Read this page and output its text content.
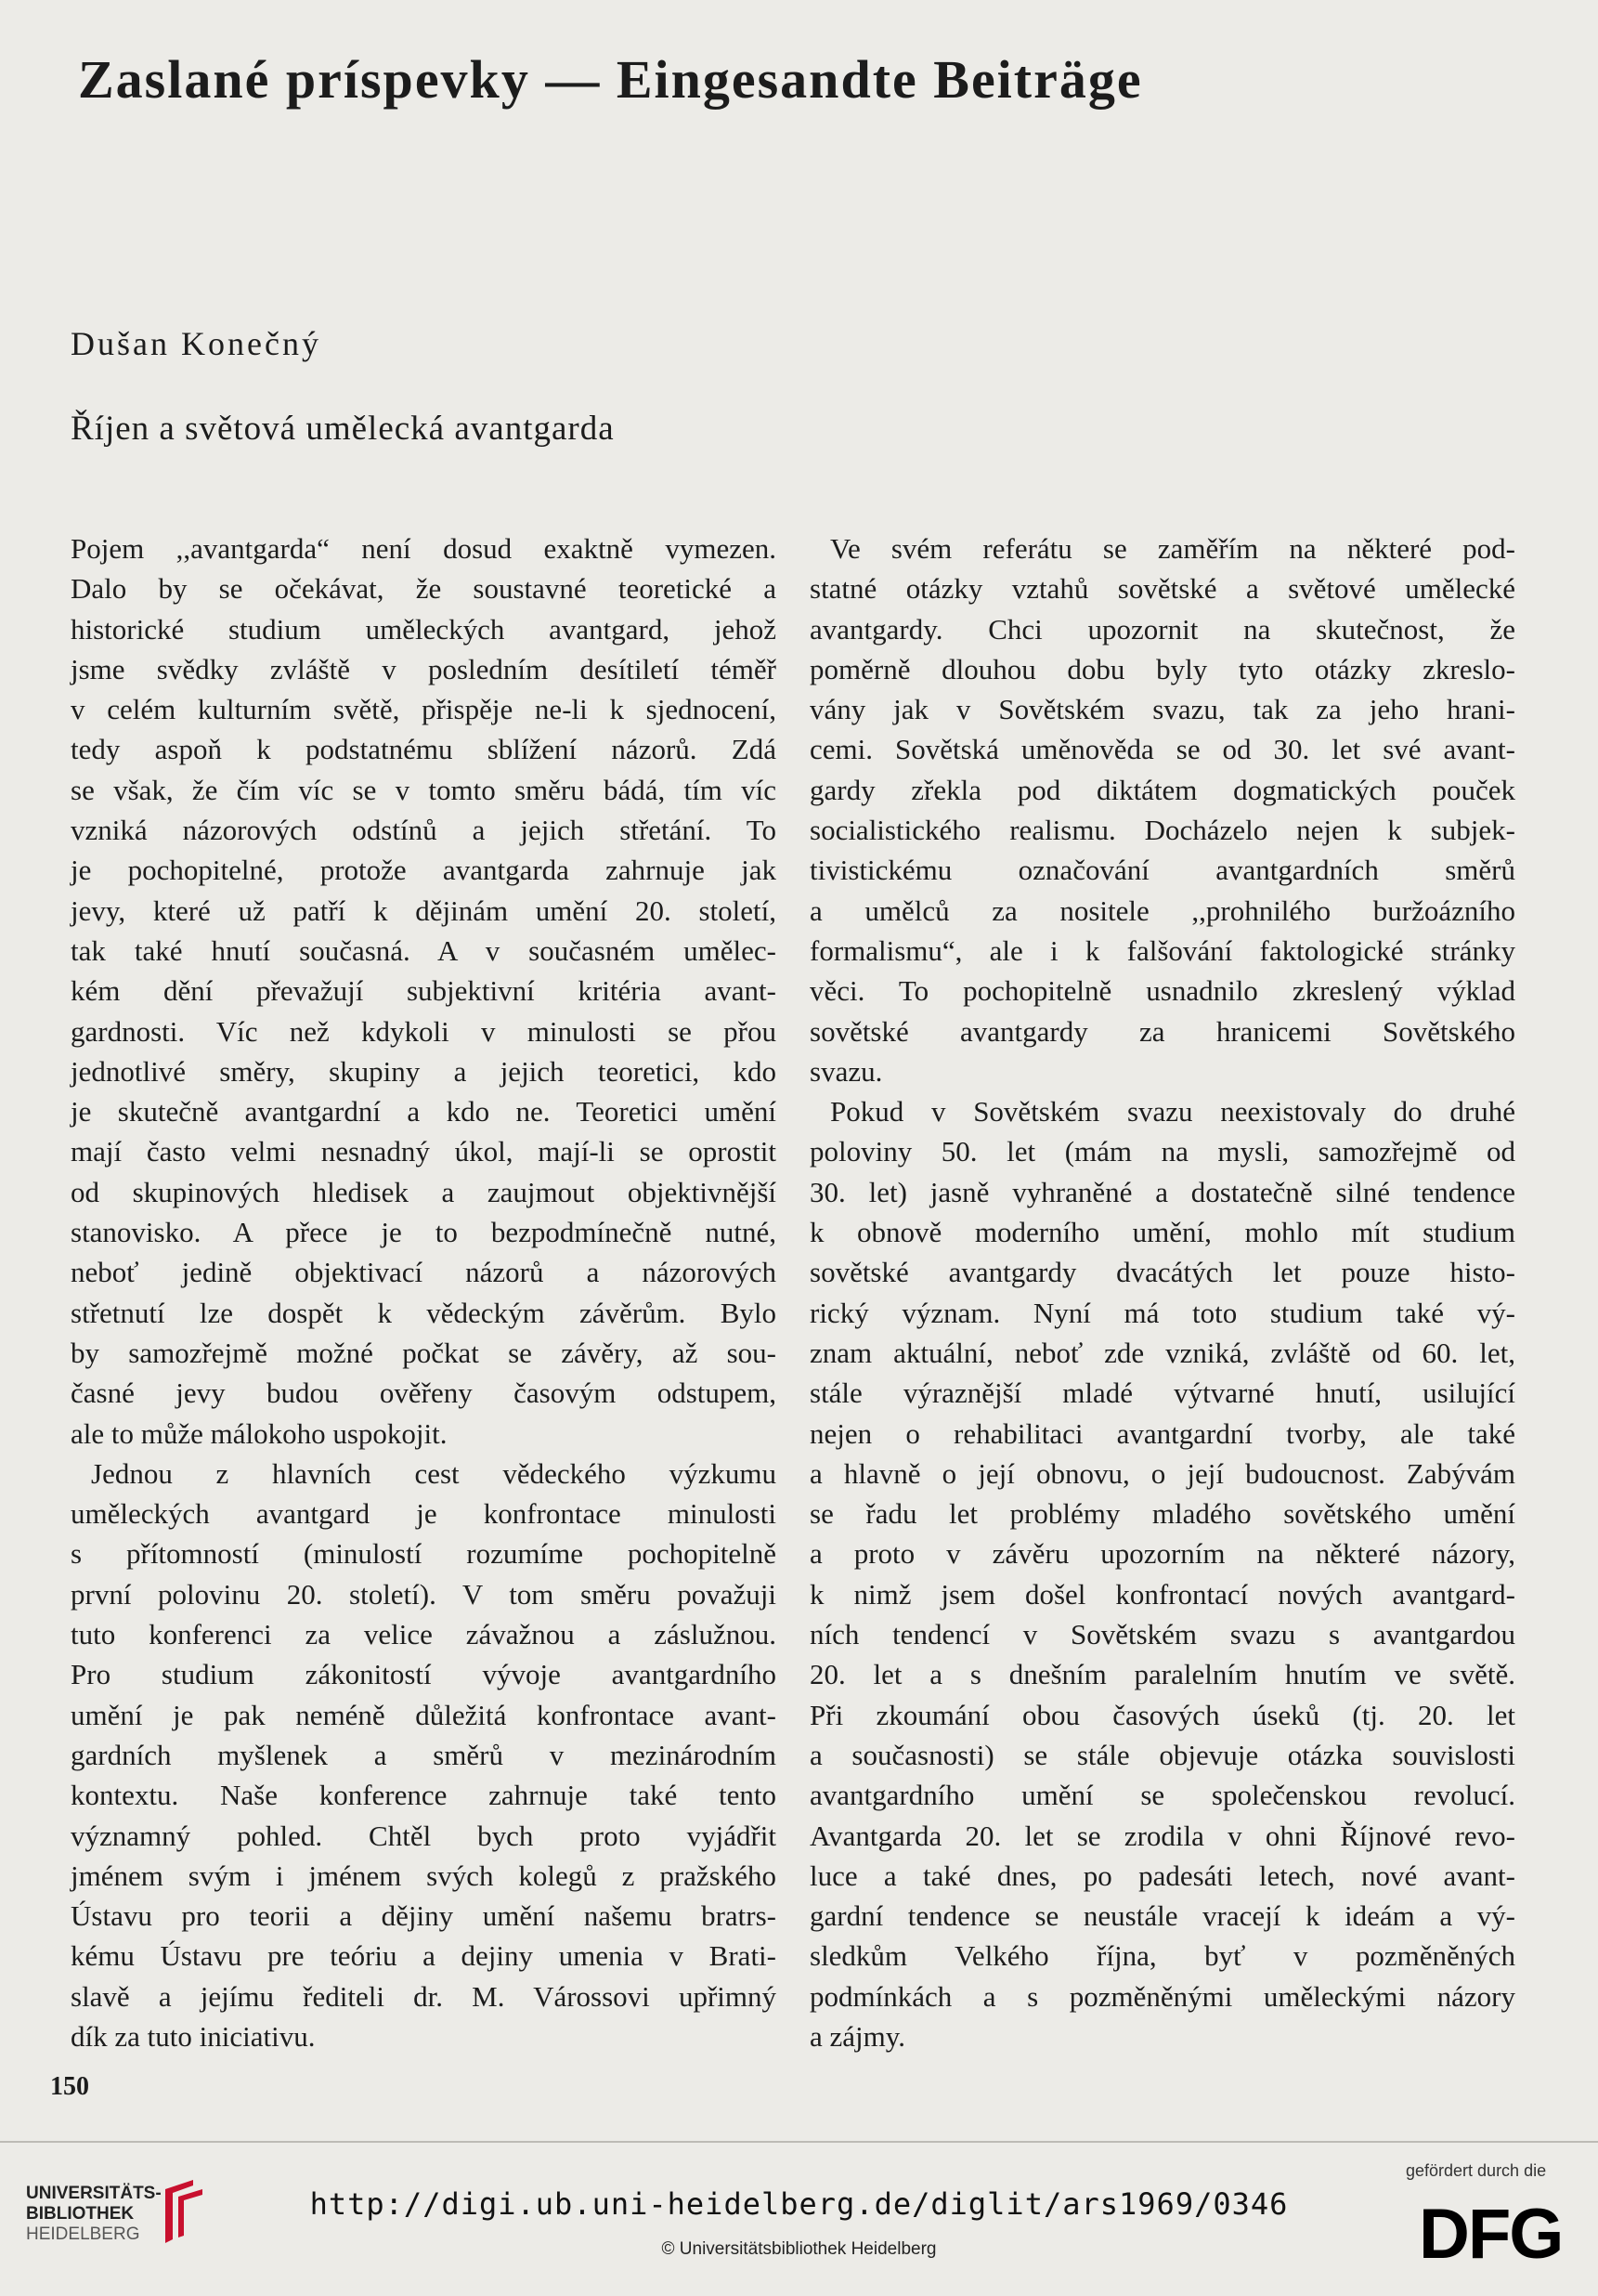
Zaslané príspevky — Eingesandte Beiträge
Dušan Konečný
Říjen a světová umělecká avantgarda
Pojem ,,avantgarda“ není dosud exaktně vymezen.
Dalo by se očekávat, že soustavné teoretické a
historické studium uměleckých avantgard, jehož
jsme svědky zvláště v posledním desítiletí téměř
v celém kulturním světě, přispěje ne-li k sjednocení,
tedy aspoň k podstatnému sblížení názorů. Zdá
se však, že čím víc se v tomto směru bádá, tím víc
vzniká názorových odstínů a jejich střetání. To
je pochopitelné, protože avantgarda zahrnuje jak
jevy, které už patří k dějinám umění 20. století,
tak také hnutí současná. A v současném umělec-
kém dění převažují subjektivní kritéria avant-
gardnosti. Víc než kdykoli v minulosti se přou
jednotlivé směry, skupiny a jejich teoretici, kdo
je skutečně avantgardní a kdo ne. Teoretici umění
mají často velmi nesnadný úkol, mají-li se oprostit
od skupinových hledisek a zaujmout objektivnější
stanovisko. A přece je to bezpodmínečně nutné,
neboť jedině objektivací názorů a názorových
střetnutí lze dospět k vědeckým závěrům. Bylo
by samozřejmě možné počkat se závěry, až sou-
časné jevy budou ověřeny časovým odstupem,
ale to může málokoho uspokojit.
Jednou z hlavních cest vědeckého výzkumu
uměleckých avantgard je konfrontace minulosti
s přítomností (minulostí rozumíme pochopitelně
první polovinu 20. století). V tom směru považuji
tuto konferenci za velice závažnou a záslužnou.
Pro studium zákonitostí vývoje avantgardního
umění je pak neméně důležitá konfrontace avant-
gardních myšlenek a směrů v mezinárodním
kontextu. Naše konference zahrnuje také tento
významný pohled. Chtěl bych proto vyjádřit
jménem svým i jménem svých kolegů z pražského
Ústavu pro teorii a dějiny umění našemu bratrs-
kému Ústavu pre teóriu a dejiny umenia v Brati-
slavě a jejímu řediteli dr. M. Várossovi upřimný
dík za tuto iniciativu.
Ve svém referátu se zaměřím na některé pod-
statné otázky vztahů sovětské a světové umělecké
avantgardy. Chci upozornit na skutečnost, že
poměrně dlouhou dobu byly tyto otázky zkreslo-
vány jak v Sovětském svazu, tak za jeho hrani-
cemi. Sovětská uměnověda se od 30. let své avant-
gardy zřekla pod diktátem dogmatických pouček
socialistického realismu. Docházelo nejen k subjek-
tivistickému označování avantgardních směrů
a umělců za nositele ,,prohnilého buržoázního
formalismu“, ale i k falšování faktologické stránky
věci. To pochopitelně usnadnilo zkreslený výklad
sovětské avantgardy za hranicemi Sovětského
svazu.
Pokud v Sovětském svazu neexistovaly do druhé
poloviny 50. let (mám na mysli, samozřejmě od
30. let) jasně vyhraněné a dostatečně silné tendence
k obnově moderního umění, mohlo mít studium
sovětské avantgardy dvacátých let pouze histo-
rický význam. Nyní má toto studium také vý-
znam aktuální, neboť zde vzniká, zvláště od 60. let,
stále výraznější mladé výtvarné hnutí, usilující
nejen o rehabilitaci avantgardní tvorby, ale také
a hlavně o její obnovu, o její budoucnost. Zabývám
se řadu let problémy mladého sovětského umění
a proto v závěru upozorním na některé názory,
k nimž jsem došel konfrontací nových avantgard-
ních tendencí v Sovětském svazu s avantgardou
20. let a s dnešním paralelním hnutím ve světě.
Při zkoumání obou časových úseků (tj. 20. let
a současnosti) se stále objevuje otázka souvislosti
avantgardního umění se společenskou revolucí.
Avantgarda 20. let se zrodila v ohni Říjnové revo-
luce a také dnes, po padesáti letech, nové avant-
gardní tendence se neustále vracejí k ideám a vý-
sledkům Velkého října, byť v pozměněných
podmínkách a s pozměněnými uměleckými názory
a zájmy.
150
UNIVERSITÄTS-
BIBLIOTHEK
HEIDELBERG
http://digi.ub.uni-heidelberg.de/diglit/ars1969/0346
© Universitätsbibliothek Heidelberg
gefördert durch die
DFG
